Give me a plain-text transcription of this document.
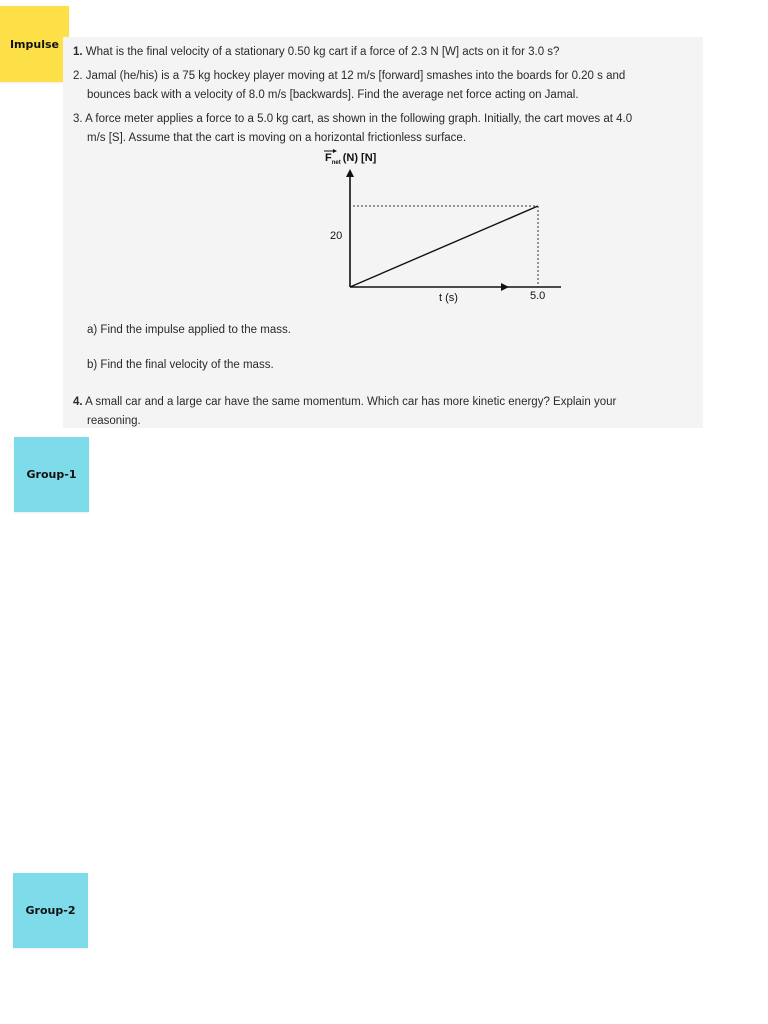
Impulse
Group-1
Group-2
1. What is the final velocity of a stationary 0.50 kg cart if a force of 2.3 N [W] acts on it for 3.0 s?
2. Jamal (he/his) is a 75 kg hockey player moving at 12 m/s [forward] smashes into the boards for 0.20 s and
bounces back with a velocity of 8.0 m/s [backwards]. Find the average net force acting on Jamal.
3. A force meter applies a force to a 5.0 kg cart, as shown in the following graph. Initially, the cart moves at 4.0
m/s [S]. Assume that the cart is moving on a horizontal frictionless surface.
$F_{net}$ (N) [N]
20
t (s)	5.0
a) Find the impulse applied to the mass.
b) Find the final velocity of the mass.
4. A small car and a large car have the same momentum. Which car has more kinetic energy? Explain your
reasoning.
